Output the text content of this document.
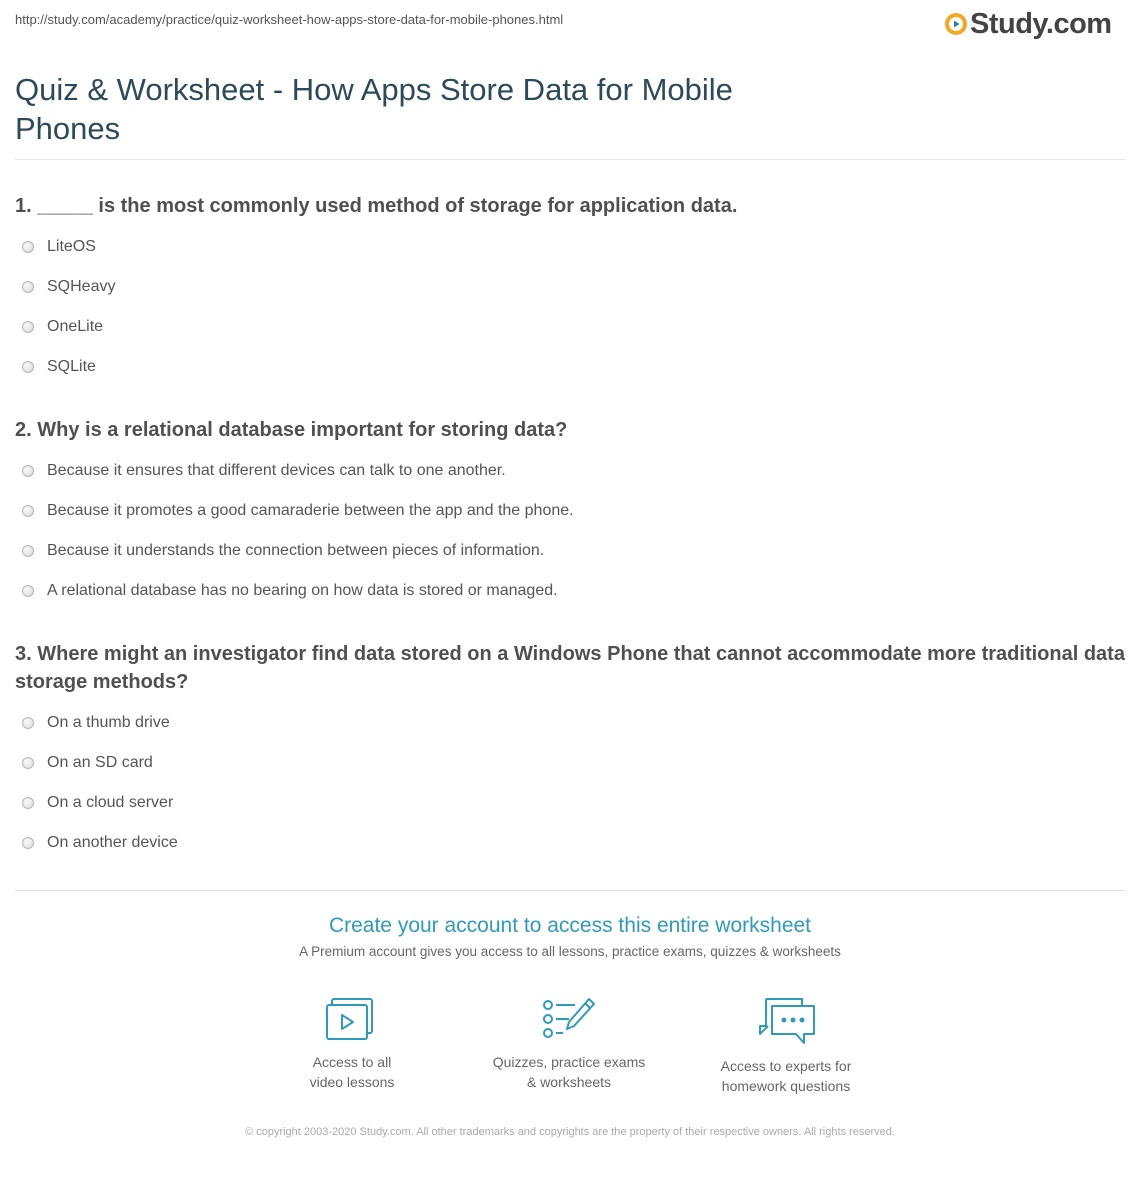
http://study.com/academy/practice/quiz-worksheet-how-apps-store-data-for-mobile-phones.html	Study.com
Quiz & Worksheet - How Apps Store Data for Mobile Phones
1. _____ is the most commonly used method of storage for application data.
LiteOS
SQHeavy
OneLite
SQLite
2. Why is a relational database important for storing data?
Because it ensures that different devices can talk to one another.
Because it promotes a good camaraderie between the app and the phone.
Because it understands the connection between pieces of information.
A relational database has no bearing on how data is stored or managed.
3. Where might an investigator find data stored on a Windows Phone that cannot accommodate more traditional data storage methods?
On a thumb drive
On an SD card
On a cloud server
On another device
Create your account to access this entire worksheet
A Premium account gives you access to all lessons, practice exams, quizzes & worksheets
Access to all
video lessons
Quizzes, practice exams
& worksheets
Access to experts for
homework questions
© copyright 2003-2020 Study.com. All other trademarks and copyrights are the property of their respective owners. All rights reserved.
